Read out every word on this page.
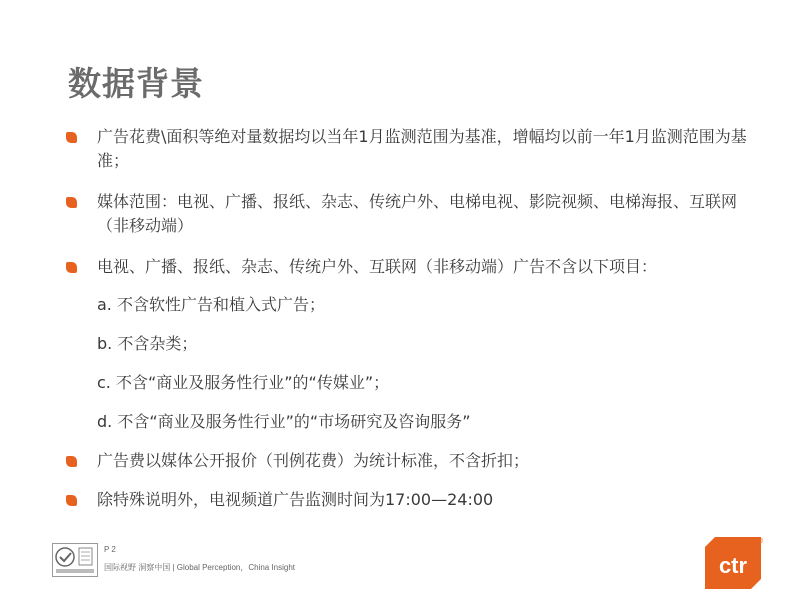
数据背景
广告花费\面积等绝对量数据均以当年1月监测范围为基准，增幅均以前一年1月监测范围为基准；
媒体范围：电视、广播、报纸、杂志、传统户外、电梯电视、影院视频、电梯海报、互联网（非移动端）
电视、广播、报纸、杂志、传统户外、互联网（非移动端）广告不含以下项目：
a. 不含软性广告和植入式广告；
b. 不含杂类；
c. 不含“商业及服务性行业”的“传媒业”；
d. 不含“商业及服务性行业”的“市场研究及咨询服务”
广告费以媒体公开报价（刊例花费）为统计标准，不含折扣；
除特殊说明外，电视频道广告监测时间为17:00—24:00
P 2
国际视野 洞察中国 | Global Perception，China Insight	ctr
®
